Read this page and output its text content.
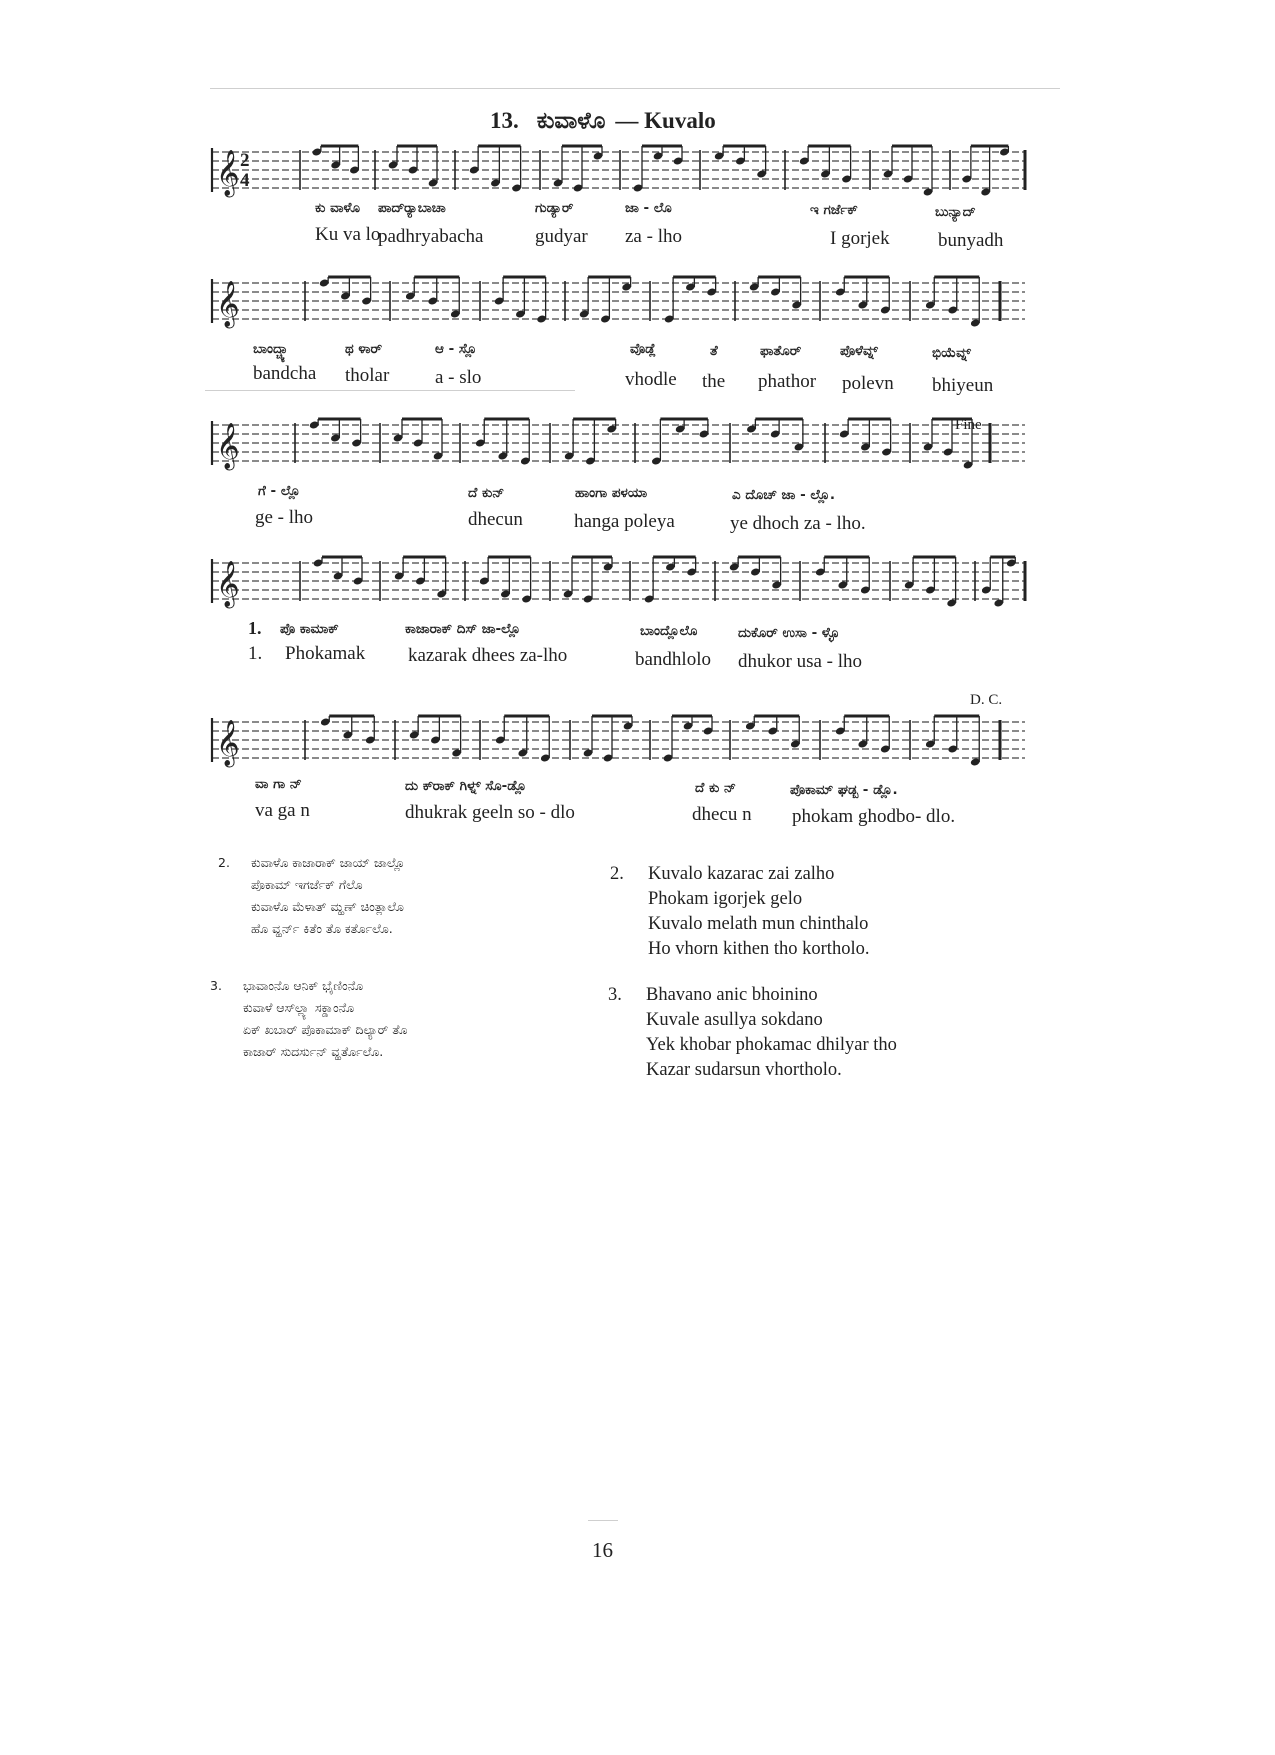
13. ಕುವಾಳೊ — Kuvalo
𝄞 2
4
ಕು ವಾಳೊ ಪಾದ್‍ರ್ಯಾಬಾಚಾ	ಗುಡ್ಯಾರ್	ಜಾ - ಲೊ	ಇ ಗರ್ಜೆಕ್	ಬುನ್ಯಾದ್
Ku va lo
padhryabacha	gudyar za - lho	I gorjek	bunyadh
𝄞
ಬಾಂದ್ಚ್ಯಾ	ಥ ಳಾರ್	ಆ - ಸ್ಲೊ	ವೊಡ್ಲೆ	ತೆ	ಫಾತೊರ್	ಪೊಳೆವ್ನ್	ಭಿಯೆವ್ನ್
bandcha tholar a - slo	vhodle the phathor polevn bhiyeun
𝄞	Fine
ಗೆ - ಲ್ಲೊ	ದೆ ಕುನ್	ಹಾಂಗಾ ಪಳಯಾ	ಎ ದೊಚ್ ಜಾ - ಲ್ಲೊ.
ge - lho	dhecun	hanga poleya	ye dhoch za - lho.
𝄞
1. ಪೊ ಕಾಮಾಕ್	ಕಾಜಾರಾಕ್ ದಿಸ್ ಜಾ-ಲ್ಲೊ	ಬಾಂದ್ಲೊಲೊ	ದುಕೊರ್ ಉಸಾ - ಳ್ಳೊ
1. Phokamak kazarak dhees za-lho	bandhlolo dhukor usa - lho
𝄞
D. C.
ವಾ ಗಾ ನ್	ದು ಕ್‍ರಾಕ್ ಗಿಳ್ನ್ ಸೊ-ಡ್ಲೊ	ದೆ ಕು ನ್	ಪೊಕಾಮ್ ಘಡ್ಬ - ಡ್ಲೊ.
va ga n	dhukrak geeln so - dlo	dhecu n phokam ghodbo- dlo.
2.	ಕುವಾಳೊ ಕಾಜಾರಾಕ್ ಜಾಯ್ ಜಾಲ್ಲೊ
ಪೊಕಾಮ್ ಇಗರ್ಜೆಕ್ ಗೆಲೊ
ಕುವಾಳೊ ಮೆಳಾತ್ ಮ್ಹಣ್ ಚಿಂತ್ಲಾಲೊ
ಹೊ ವ್ಹರ್ನ್ ಕಿತೆಂ ತೊ ಕರ್ತೊಲೊ.
3.	ಭಾವಾಂನೊ ಆನಿಕ್ ಭೈಣಿಂನೊ
ಕುವಾಳೆ ಆಸ್‍ಲ್ಲ್ಯಾ ಸಕ್ಡಾಂನೊ
ಏಕ್ ಖಬಾರ್ ಪೊಕಾಮಾಕ್ ದಿಲ್ಯಾರ್ ತೊ
ಕಾಜಾರ್ ಸುದರ್ಸುನ್ ವ್ಹರ್ತೊಲೊ.
2.	Kuvalo kazarac zai zalho
Phokam igorjek gelo
Kuvalo melath mun chinthalo
Ho vhorn kithen tho kortholo.
3.	Bhavano anic bhoinino
Kuvale asullya sokdano
Yek khobar phokamac dhilyar tho
Kazar sudarsun vhortholo.
16
